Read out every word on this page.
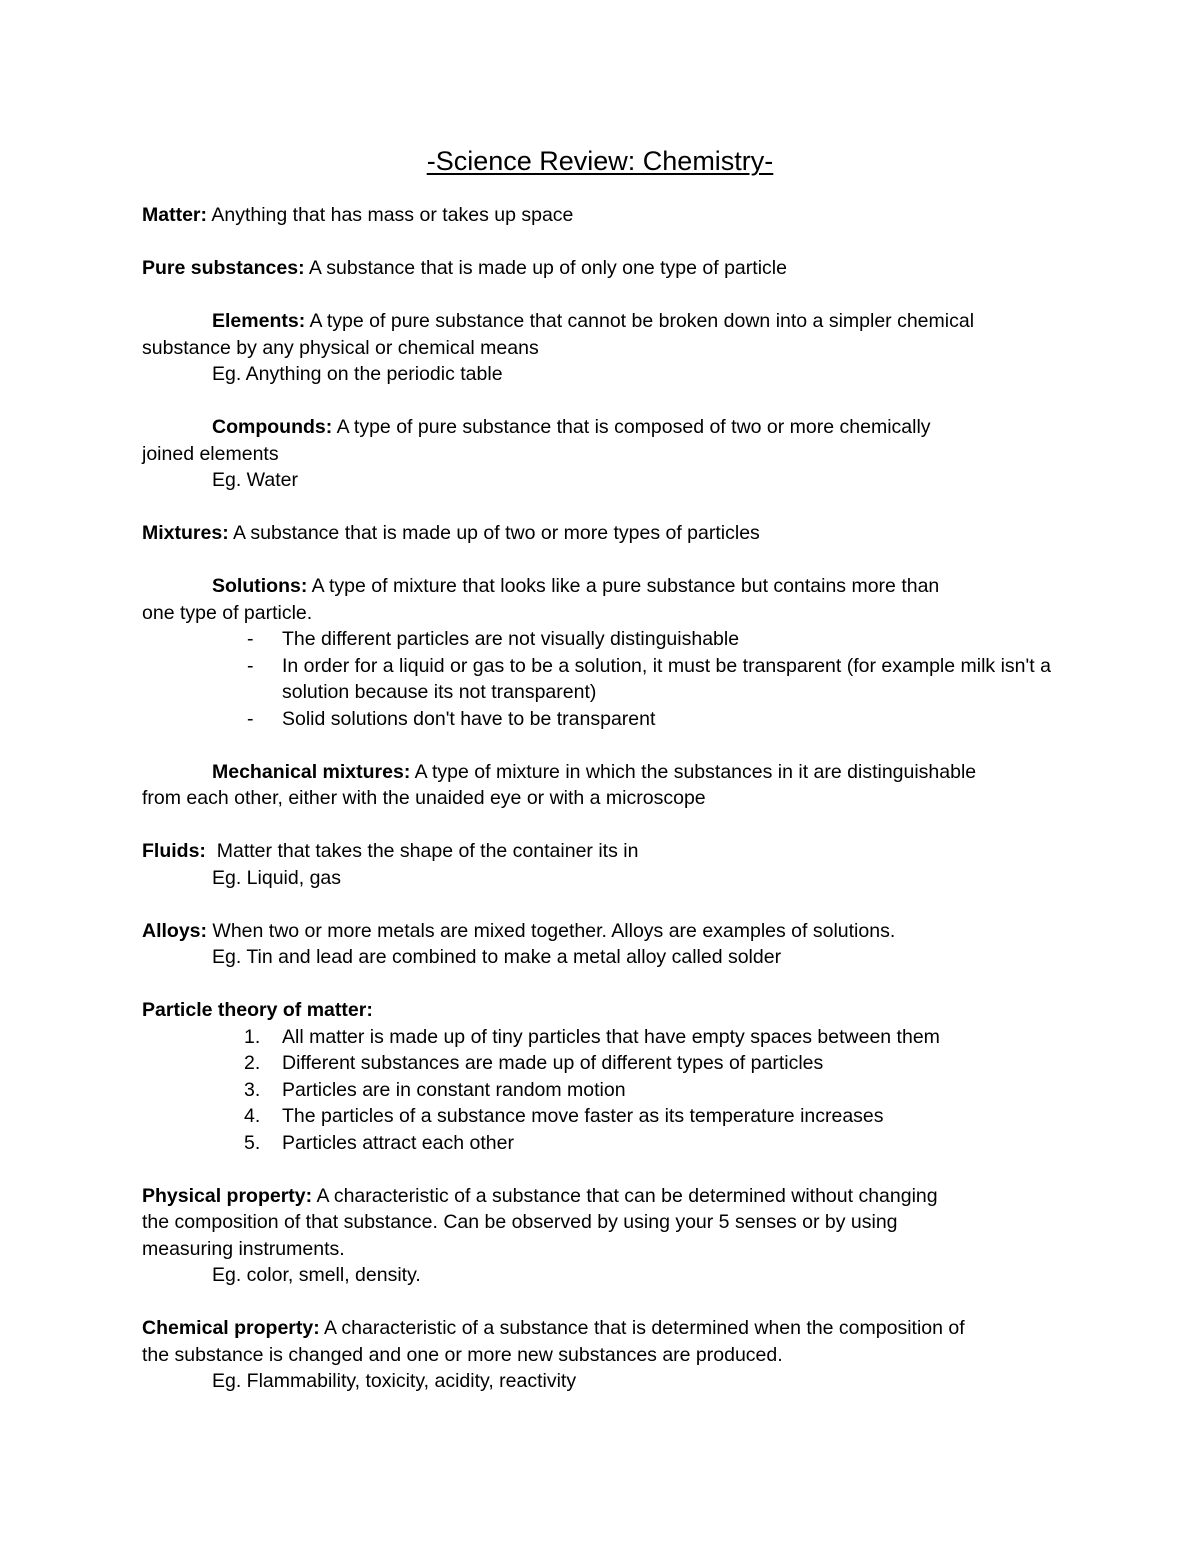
-Science Review: Chemistry-

Matter: Anything that has mass or takes up space

Pure substances: A substance that is made up of only one type of particle

Elements: A type of pure substance that cannot be broken down into a simpler chemical
substance by any physical or chemical means

Eg. Anything on the periodic table

Compounds: A type of pure substance that is composed of two or more chemically
joined elements

Eg. Water

Mixtures: A substance that is made up of two or more types of particles

Solutions: A type of mixture that looks like a pure substance but contains more than
one type of particle.

-	The different particles are not visually distinguishable
-	In order for a liquid or gas to be a solution, it must be transparent (for example milk isn't a solution because its not transparent)
-	Solid solutions don't have to be transparent

Mechanical mixtures: A type of mixture in which the substances in it are distinguishable
from each other, either with the unaided eye or with a microscope

Fluids:  Matter that takes the shape of the container its in

Eg. Liquid, gas

Alloys: When two or more metals are mixed together. Alloys are examples of solutions.

Eg. Tin and lead are combined to make a metal alloy called solder

Particle theory of matter:

1.	All matter is made up of tiny particles that have empty spaces between them
2.	Different substances are made up of different types of particles
3.	Particles are in constant random motion
4.	The particles of a substance move faster as its temperature increases
5.	Particles attract each other

Physical property: A characteristic of a substance that can be determined without changing
the composition of that substance. Can be observed by using your 5 senses or by using
measuring instruments.

Eg. color, smell, density.

Chemical property: A characteristic of a substance that is determined when the composition of
the substance is changed and one or more new substances are produced.

Eg. Flammability, toxicity, acidity, reactivity
